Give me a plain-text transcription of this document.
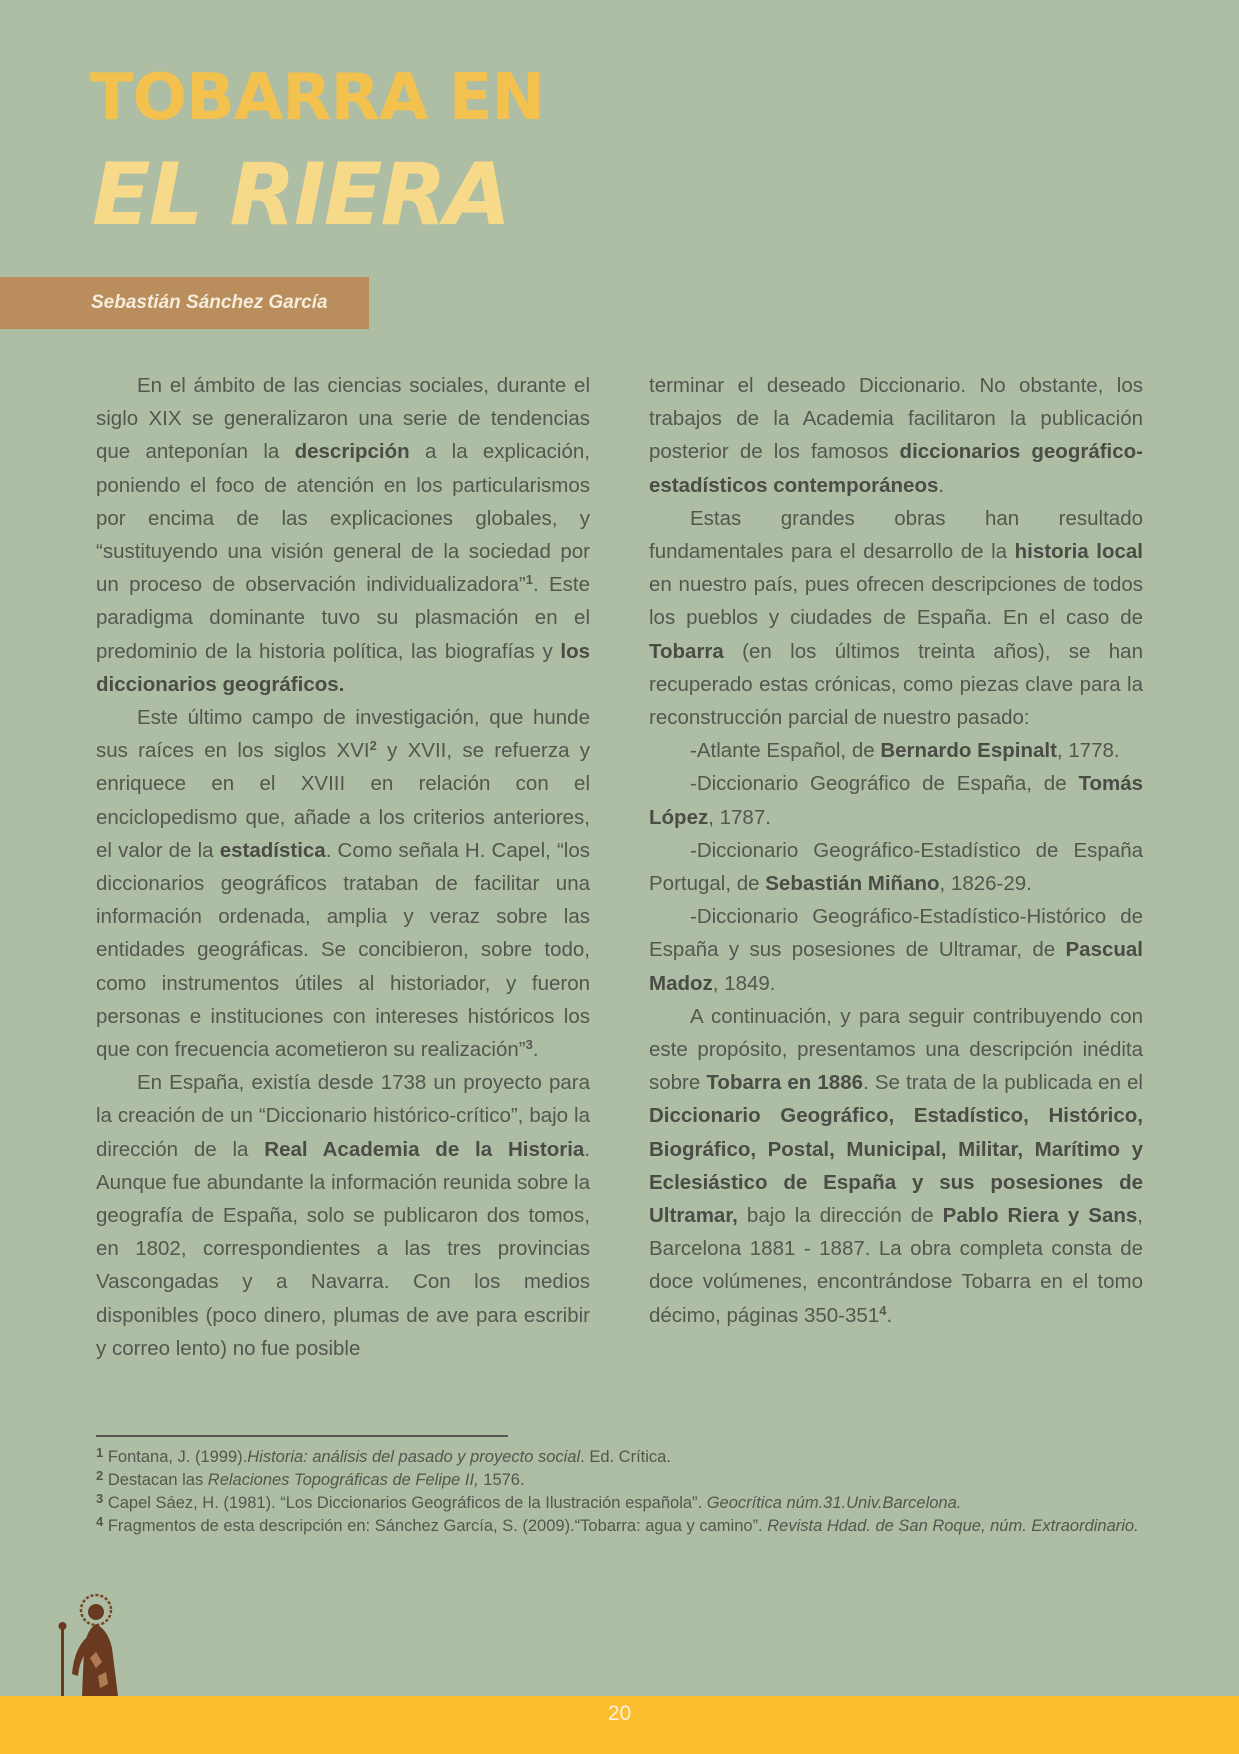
TOBARRA EN
EL RIERA
Sebastián Sánchez García

En el ámbito de las ciencias sociales, durante el siglo XIX se generalizaron una serie de tendencias que anteponían la descripción a la explicación, poniendo el foco de atención en los particularismos por encima de las explicaciones globales, y “sustituyendo una visión general de la sociedad por un proceso de observación individualizadora”$^1$. Este paradigma dominante tuvo su plasmación en el predominio de la historia política, las biografías y los diccionarios geográficos.

Este último campo de investigación, que hunde sus raíces en los siglos XVI$^2$ y XVII, se refuerza y enriquece en el XVIII en relación con el enciclopedismo que, añade a los criterios anteriores, el valor de la estadística. Como señala H. Capel, “los diccionarios geográficos trataban de facilitar una información ordenada, amplia y veraz sobre las entidades geográficas. Se concibieron, sobre todo, como instrumentos útiles al historiador, y fueron personas e instituciones con intereses históricos los que con frecuencia acometieron su realización”$^3$.

En España, existía desde 1738 un proyecto para la creación de un “Diccionario histórico-crítico”, bajo la dirección de la Real Academia de la Historia. Aunque fue abundante la información reunida sobre la geografía de España, solo se publicaron dos tomos, en 1802, correspondientes a las tres provincias Vascongadas y a Navarra. Con los medios disponibles (poco dinero, plumas de ave para escribir y correo lento) no fue posible

terminar el deseado Diccionario. No obstante, los trabajos de la Academia facilitaron la publicación posterior de los famosos diccionarios geográfico-estadísticos contemporáneos.

Estas grandes obras han resultado fundamentales para el desarrollo de la historia local en nuestro país, pues ofrecen descripciones de todos los pueblos y ciudades de España. En el caso de Tobarra (en los últimos treinta años), se han recuperado estas crónicas, como piezas clave para la reconstrucción parcial de nuestro pasado:

-Atlante Español, de Bernardo Espinalt, 1778.

-Diccionario Geográfico de España, de Tomás López, 1787.

-Diccionario Geográfico-Estadístico de España Portugal, de Sebastián Miñano, 1826-29.

-Diccionario Geográfico-Estadístico-Histórico de España y sus posesiones de Ultramar, de Pascual Madoz, 1849.

A continuación, y para seguir contribuyendo con este propósito, presentamos una descripción inédita sobre Tobarra en 1886. Se trata de la publicada en el Diccionario Geográfico, Estadístico, Histórico, Biográfico, Postal, Municipal, Militar, Marítimo y Eclesiástico de España y sus posesiones de Ultramar, bajo la dirección de Pablo Riera y Sans, Barcelona 1881 - 1887. La obra completa consta de doce volúmenes, encontrándose Tobarra en el tomo décimo, páginas $350-351^4$.

$^1$ Fontana, J. (1999).Historia: análisis del pasado y proyecto social. Ed. Crítica.
$^2$ Destacan las Relaciones Topográficas de Felipe II, 1576.
$^3$ Capel Sáez, H. (1981). “Los Diccionarios Geográficos de la Ilustración española”. Geocrítica núm.31.Univ.Barcelona.
$^4$ Fragmentos de esta descripción en: Sánchez García, S. (2009).“Tobarra: agua y camino”. Revista Hdad. de San Roque, núm. Extraordinario.
20
